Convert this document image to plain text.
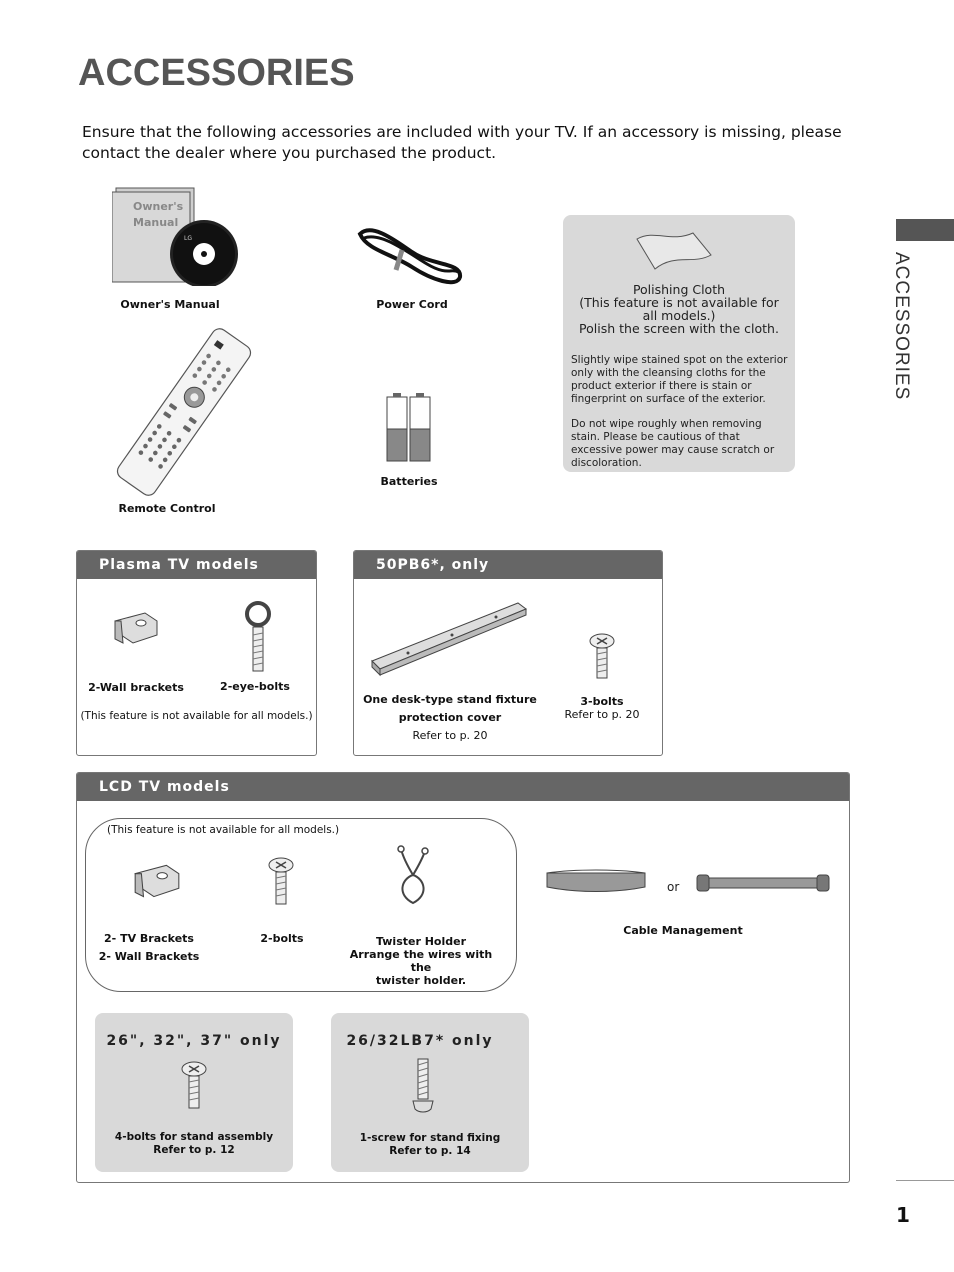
ACCESSORIES
Ensure that the following accessories are included with your TV. If an accessory is missing, please contact the dealer where you purchased the product.
ACCESSORIES
LG
Owner's
Manual
Owner's Manual	Power Cord
Polishing Cloth
(This feature is not available for
all models.)
Polish the screen with the cloth.
Slightly wipe stained spot on the exterior only with the cleansing cloths for the product exterior if there is stain or fingerprint on surface of the exterior.
Do not wipe roughly when removing stain. Please be cautious of that excessive power may cause scratch or discoloration.
Remote Control
Batteries
Plasma TV models
2-Wall brackets	2-eye-bolts
(This feature is not available for all models.)
50PB6*, only
One desk-type stand fixture
protection cover
Refer to p. 20
3-bolts
Refer to p. 20
LCD TV models
(This feature is not available for all models.)
2- TV Brackets
2- Wall Brackets
2-bolts	Twister Holder
Arrange the wires with the
twister holder.
or
Cable Management
26", 32", 37" only
4-bolts for stand assembly
Refer to p. 12
26/32LB7* only
1-screw for stand fixing
Refer to p. 14
1
